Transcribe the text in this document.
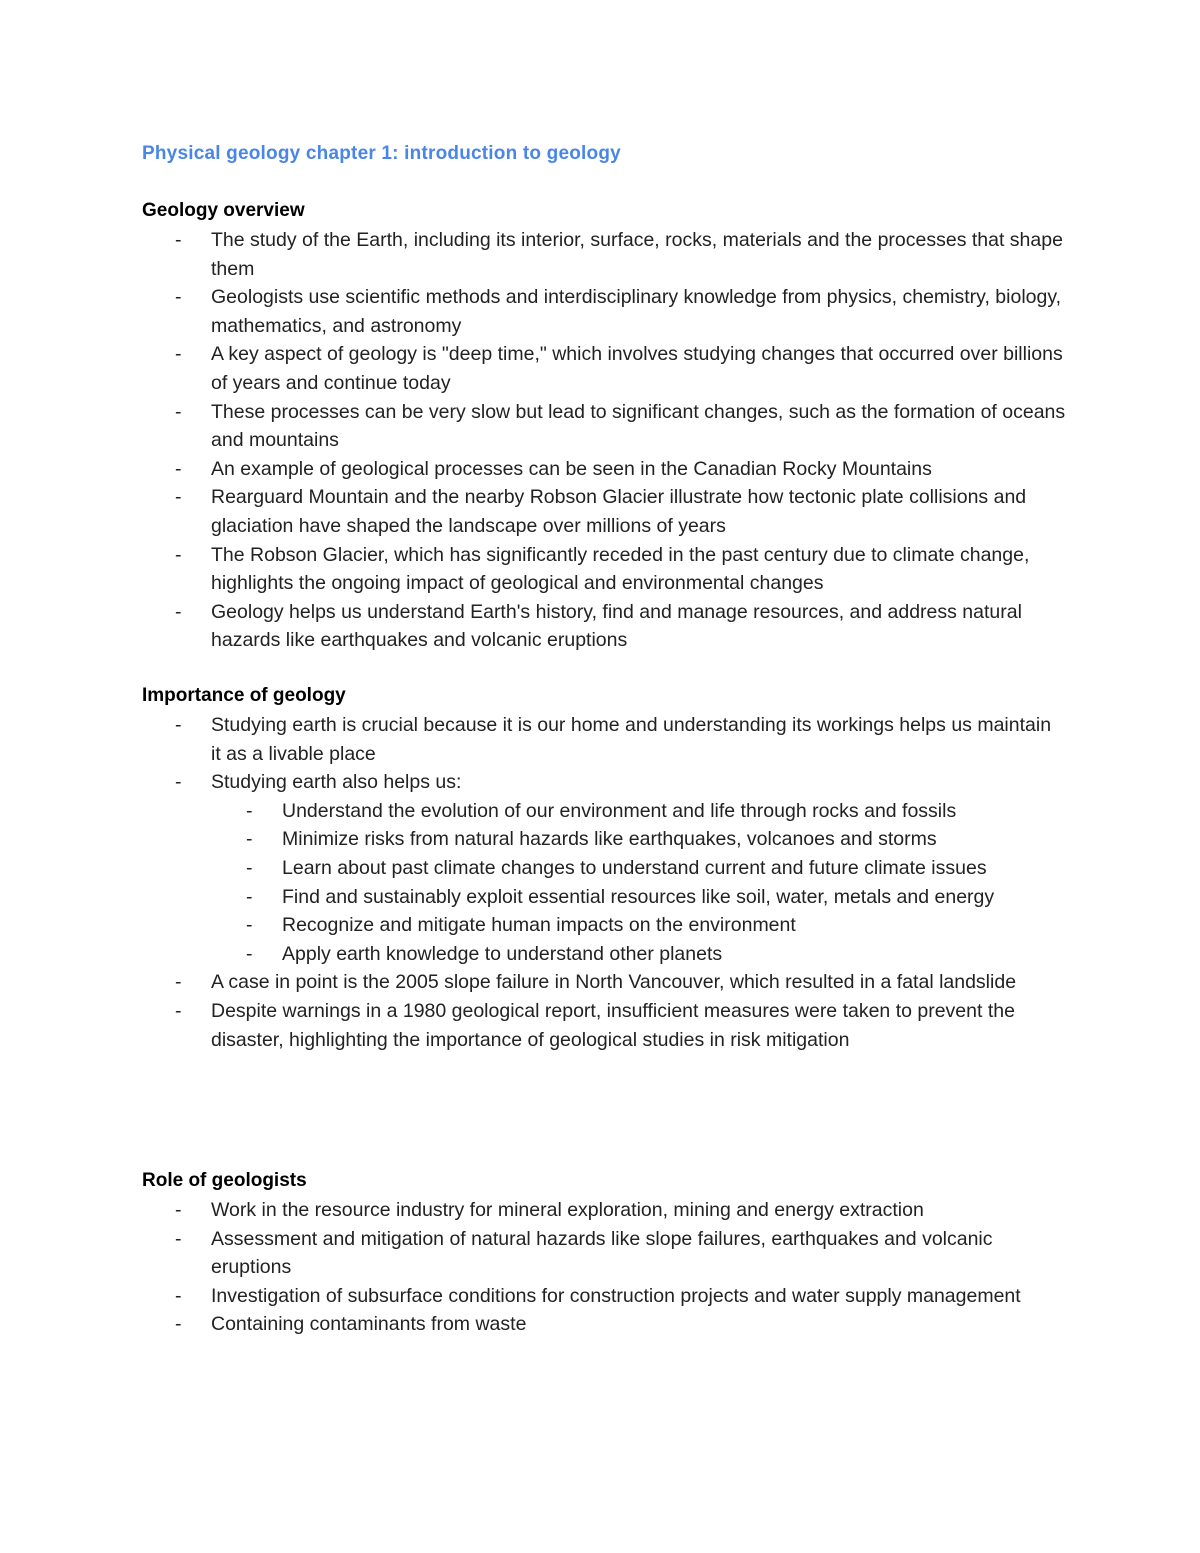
Physical geology chapter 1: introduction to geology
Geology overview
- The study of the Earth, including its interior, surface, rocks, materials and the processes that shape them
- Geologists use scientific methods and interdisciplinary knowledge from physics, chemistry, biology, mathematics, and astronomy
- A key aspect of geology is "deep time," which involves studying changes that occurred over billions of years and continue today
- These processes can be very slow but lead to significant changes, such as the formation of oceans and mountains
- An example of geological processes can be seen in the Canadian Rocky Mountains
- Rearguard Mountain and the nearby Robson Glacier illustrate how tectonic plate collisions and glaciation have shaped the landscape over millions of years
- The Robson Glacier, which has significantly receded in the past century due to climate change, highlights the ongoing impact of geological and environmental changes
- Geology helps us understand Earth's history, find and manage resources, and address natural hazards like earthquakes and volcanic eruptions
Importance of geology
- Studying earth is crucial because it is our home and understanding its workings helps us maintain it as a livable place
- Studying earth also helps us:
- Understand the evolution of our environment and life through rocks and fossils
- Minimize risks from natural hazards like earthquakes, volcanoes and storms
- Learn about past climate changes to understand current and future climate issues
- Find and sustainably exploit essential resources like soil, water, metals and energy
- Recognize and mitigate human impacts on the environment
- Apply earth knowledge to understand other planets
- A case in point is the 2005 slope failure in North Vancouver, which resulted in a fatal landslide
- Despite warnings in a 1980 geological report, insufficient measures were taken to prevent the disaster, highlighting the importance of geological studies in risk mitigation
Role of geologists
- Work in the resource industry for mineral exploration, mining and energy extraction
- Assessment and mitigation of natural hazards like slope failures, earthquakes and volcanic eruptions
- Investigation of subsurface conditions for construction projects and water supply management
- Containing contaminants from waste
